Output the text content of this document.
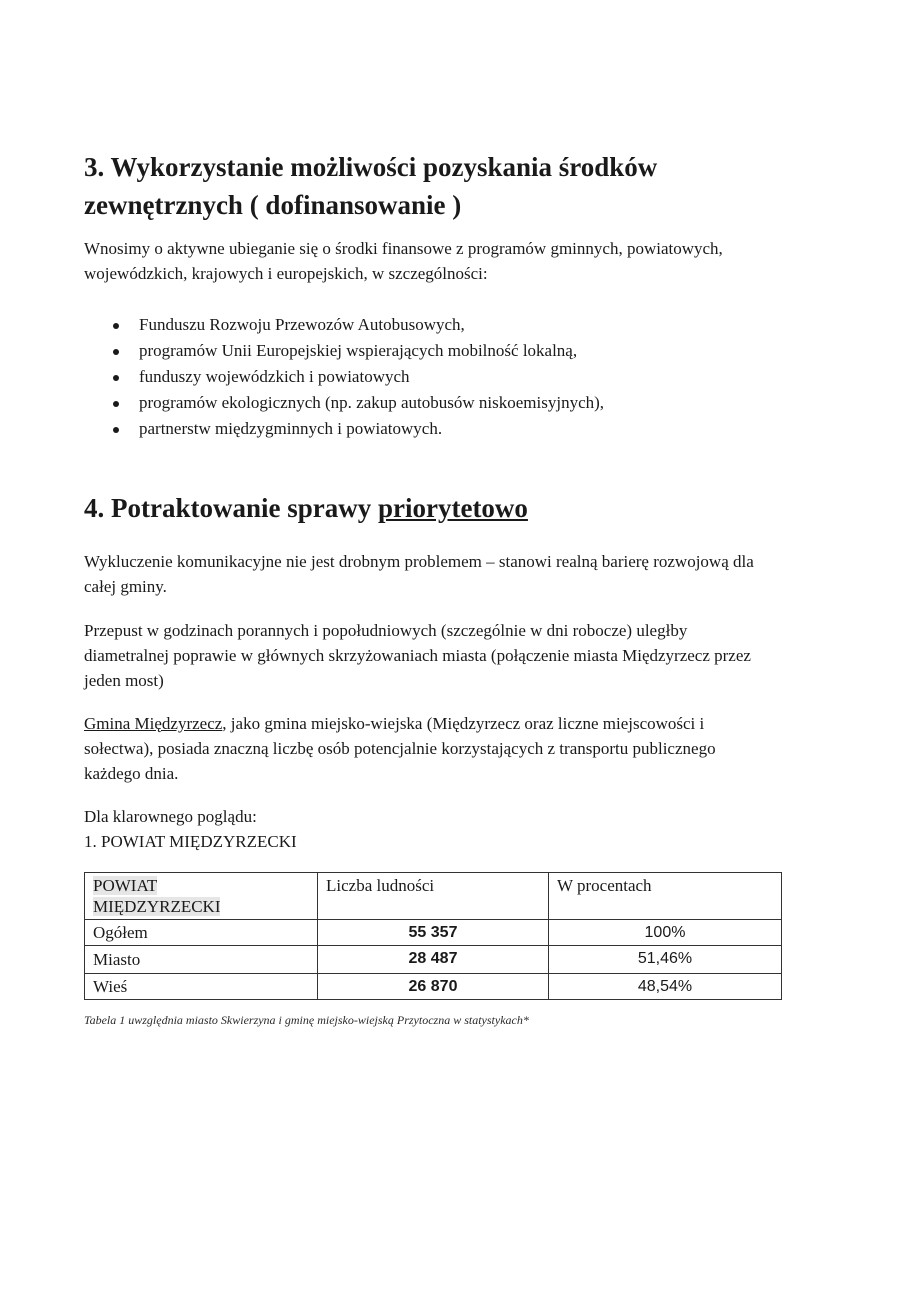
3. Wykorzystanie możliwości pozyskania środków
zewnętrznych ( dofinansowanie )

Wnosimy o aktywne ubieganie się o środki finansowe z programów gminnych, powiatowych,
wojewódzkich, krajowych i europejskich, w szczególności:

Funduszu Rozwoju Przewozów Autobusowych,
programów Unii Europejskiej wspierających mobilność lokalną,
funduszy wojewódzkich i powiatowych
programów ekologicznych (np. zakup autobusów niskoemisyjnych),
partnerstw międzygminnych i powiatowych.
4. Potraktowanie sprawy priorytetowo

Wykluczenie komunikacyjne nie jest drobnym problemem – stanowi realną barierę rozwojową dla
całej gminy.

Przepust w godzinach porannych i popołudniowych (szczególnie w dni robocze) uległby
diametralnej poprawie w głównych skrzyżowaniach miasta (połączenie miasta Międzyrzecz przez
jeden most)

Gmina Międzyrzecz, jako gmina miejsko-wiejska (Międzyrzecz oraz liczne miejscowości i
sołectwa), posiada znaczną liczbę osób potencjalnie korzystających z transportu publicznego
każdego dnia.

Dla klarownego poglądu:
1. POWIAT MIĘDZYRZECKI

POWIAT
MIĘDZYRZECKI	Liczba ludności	W procentach
Ogółem	55 357	100%
Miasto	28 487	51,46%
Wieś	26 870	48,54%

Tabela 1 uwzględnia miasto Skwierzyna i gminę miejsko-wiejską Przytoczna w statystykach*
